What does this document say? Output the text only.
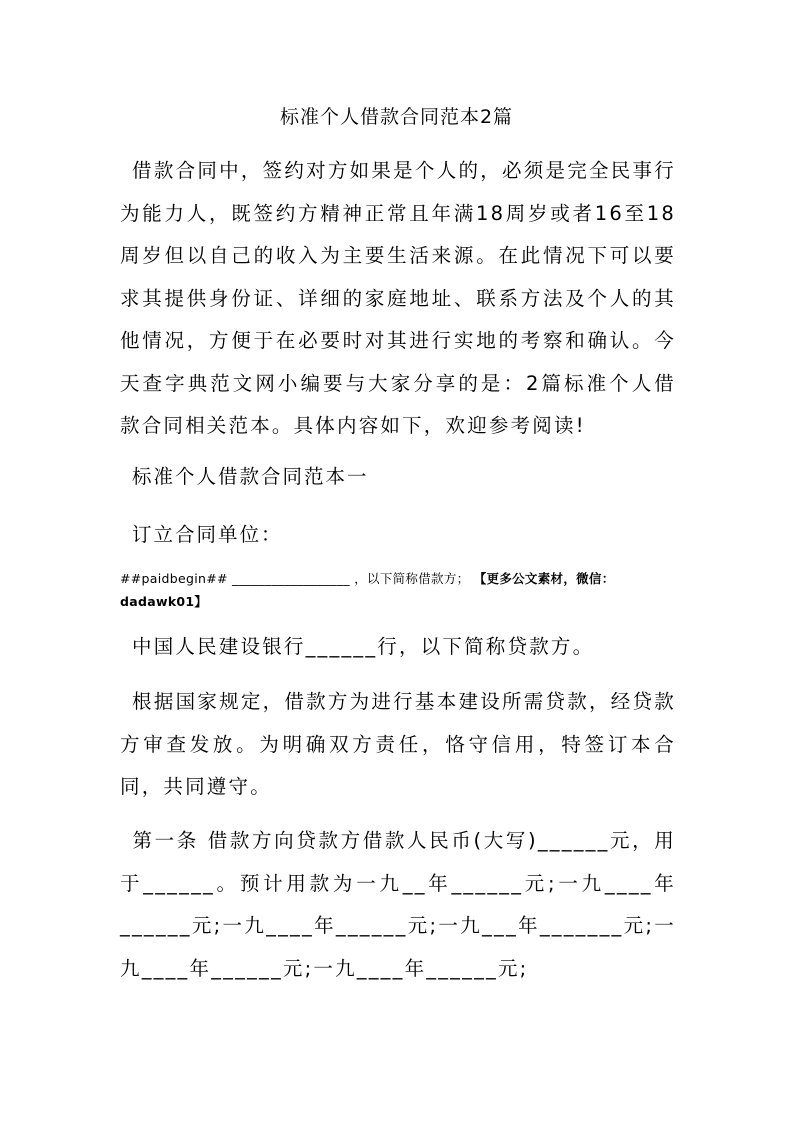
标准个人借款合同范本2篇

借款合同中，签约对方如果是个人的，必须是完全民事行为能力人，既签约方精神正常且年满18周岁或者16至18周岁但以自己的收入为主要生活来源。在此情况下可以要求其提供身份证、详细的家庭地址、联系方法及个人的其他情况，方便于在必要时对其进行实地的考察和确认。今天查字典范文网小编要与大家分享的是：2篇标准个人借款合同相关范本。具体内容如下，欢迎参考阅读!

标准个人借款合同范本一
订立合同单位：
##paidbegin## __________________ ，以下简称借款方； 【更多公文素材，微信：dadawk01】

中国人民建设银行______行，以下简称贷款方。

根据国家规定，借款方为进行基本建设所需贷款，经贷款方审查发放。为明确双方责任，恪守信用，特签订本合同，共同遵守。

第一条 借款方向贷款方借款人民币(大写)______元，用于______。预计用款为一九__年______元;一九____年______元;一九____年______元;一九___年_______元;一九____年______元;一九____年______元;
